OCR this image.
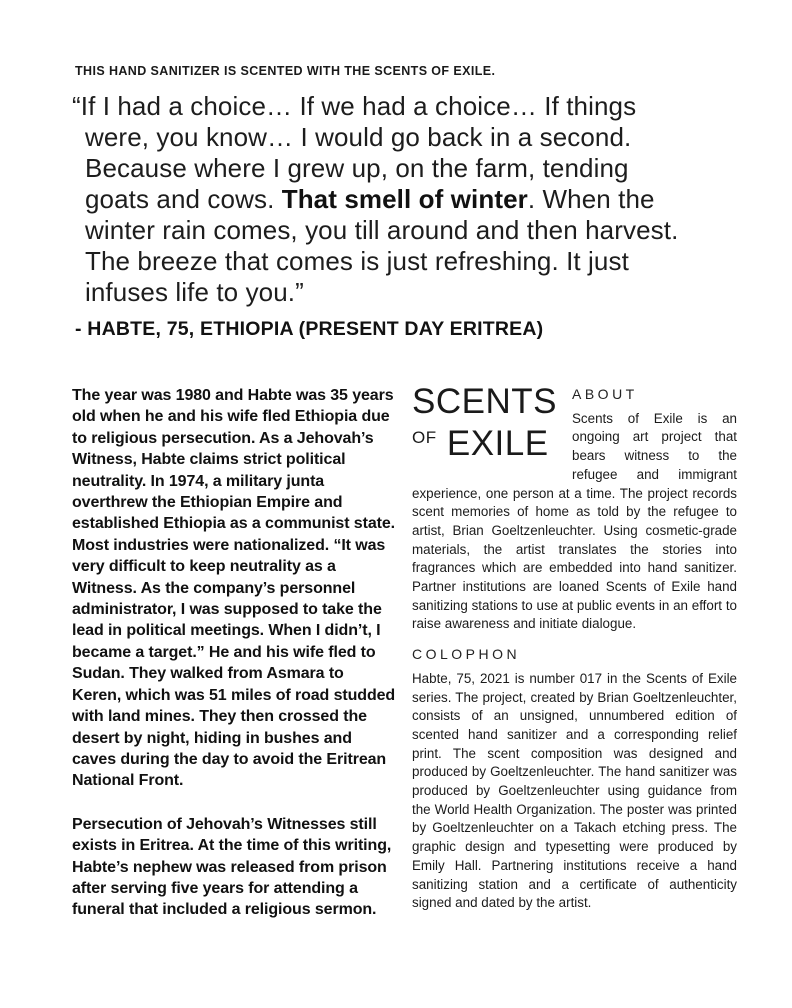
THIS HAND SANITIZER IS SCENTED WITH THE SCENTS OF EXILE.
“If I had a choice… If we had a choice… If things
were, you know… I would go back in a second.
Because where I grew up, on the farm, tending
goats and cows. That smell of winter. When the
winter rain comes, you till around and then harvest.
The breeze that comes is just refreshing. It just
infuses life to you.”
- HABTE, 75, ETHIOPIA (PRESENT DAY ERITREA)

The year was 1980 and Habte was 35 years old when he and his wife fled Ethiopia due to religious persecution. As a Jehovah’s Witness, Habte claims strict political neutrality. In 1974, a military junta overthrew the Ethiopian Empire and established Ethiopia as a communist state. Most industries were nationalized. “It was very difficult to keep neutrality as a Witness. As the company’s personnel administrator, I was supposed to take the lead in political meetings. When I didn’t, I became a target.” He and his wife fled to Sudan. They walked from Asmara to Keren, which was 51 miles of road studded with land mines. They then crossed the desert by night, hiding in bushes and caves during the day to avoid the Eritrean National Front.

Persecution of Jehovah’s Witnesses still exists in Eritrea. At the time of this writing, Habte’s nephew was released from prison after serving five years for attending a funeral that included a religious sermon.

SCENTS
$^{OF}$ EXILE

ABOUT

Scents of Exile is an ongoing art project that bears witness to the refugee and immigrant experience, one person at a time. The project records scent memories of home as told by the refugee to artist, Brian Goeltzenleuchter. Using cosmetic-grade materials, the artist translates the stories into fragrances which are embedded into hand sanitizer. Partner institutions are loaned Scents of Exile hand sanitizing stations to use at public events in an effort to raise awareness and initiate dialogue.

COLOPHON

Habte, 75, 2021 is number 017 in the Scents of Exile series. The project, created by Brian Goeltzenleuchter, consists of an unsigned, unnumbered edition of scented hand sanitizer and a corresponding relief print. The scent composition was designed and produced by Goeltzenleuchter. The hand sanitizer was produced by Goeltzenleuchter using guidance from the World Health Organization. The poster was printed by Goeltzenleuchter on a Takach etching press. The graphic design and typesetting were produced by Emily Hall. Partnering institutions receive a hand sanitizing station and a certificate of authenticity signed and dated by the artist.
